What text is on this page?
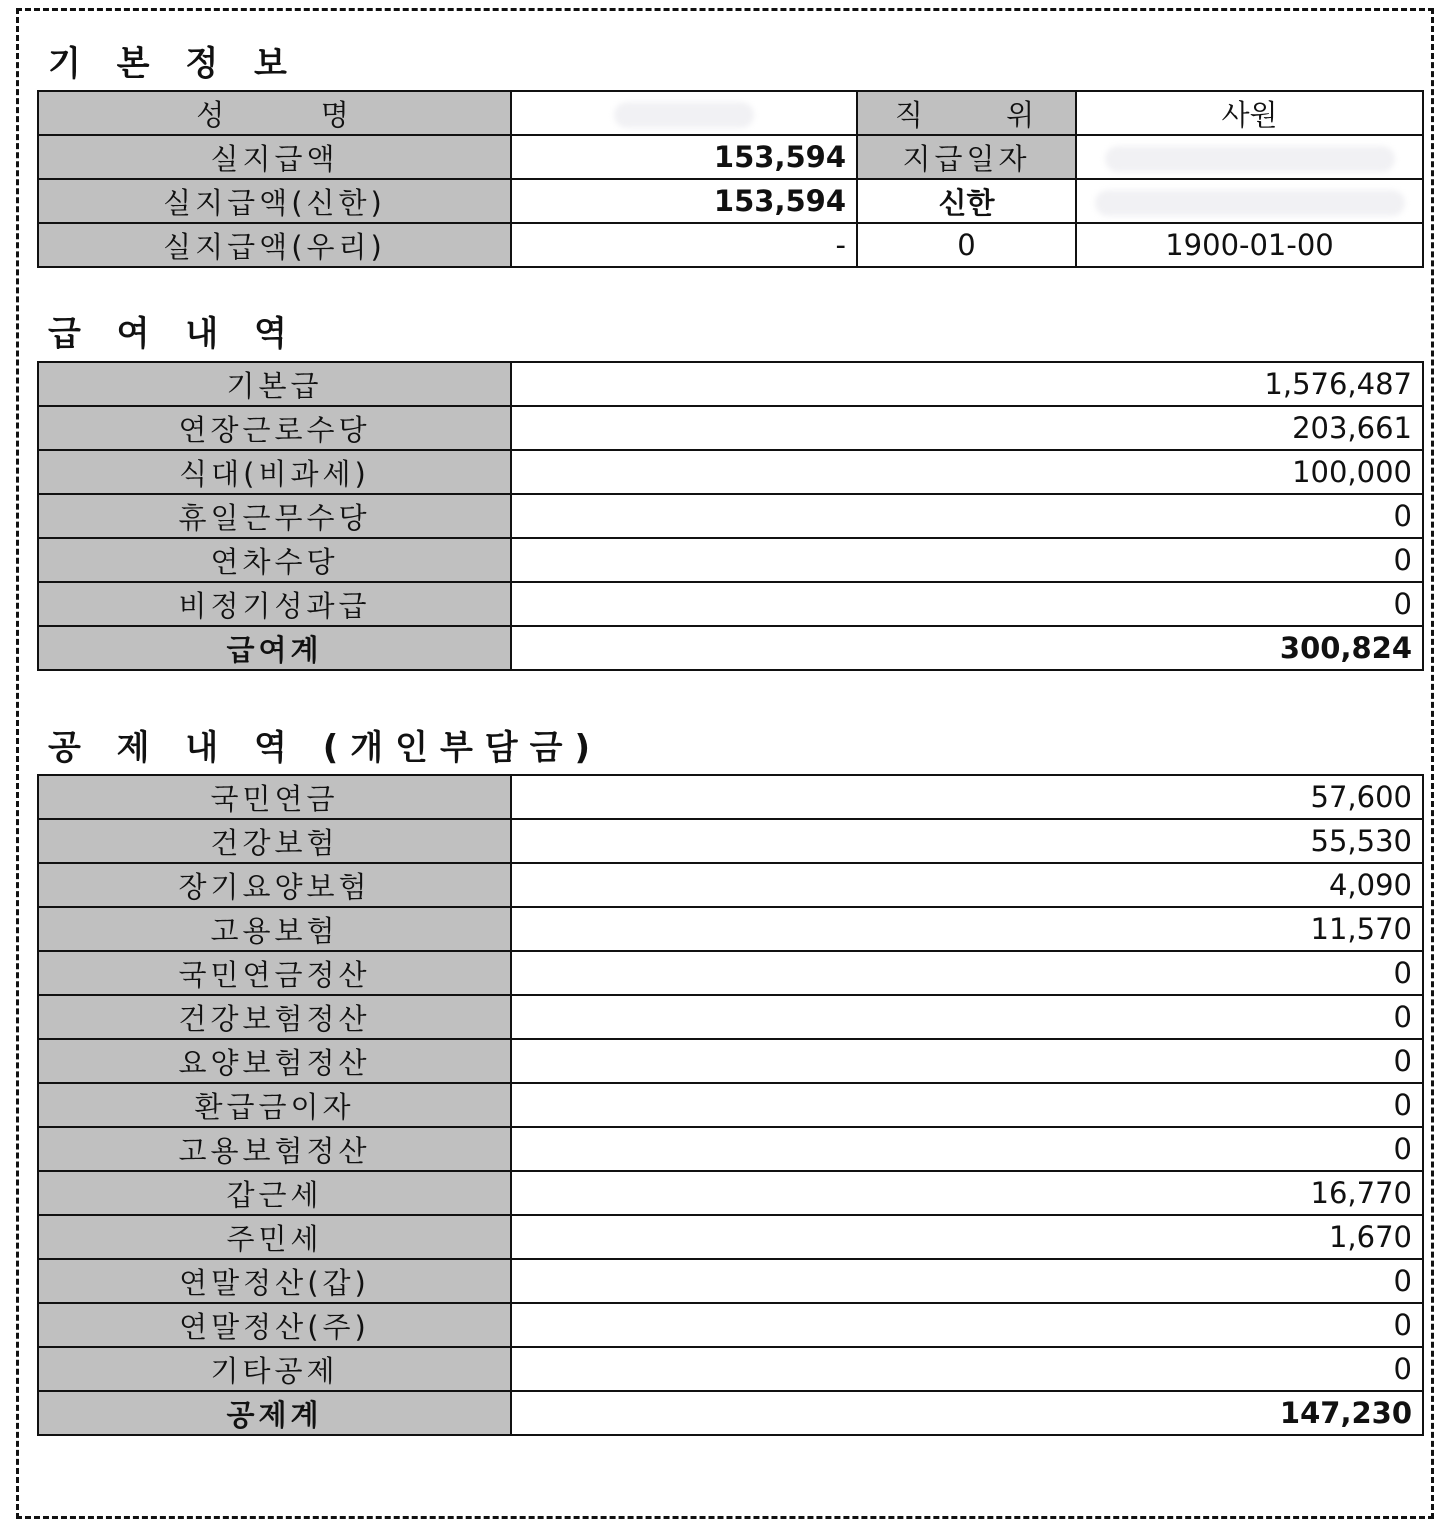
기 본 정 보
성       명		직      위	사원
실지급액	153,594	지급일자	
실지급액(신한)	153,594	신한	
실지급액(우리)	-	0	1900-01-00
급 여 내 역
기본급	1,576,487
연장근로수당	203,661
식대(비과세)	100,000
휴일근무수당	0
연차수당	0
비정기성과급	0
급여계	300,824
공 제 내 역 (개인부담금)
국민연금	57,600
건강보험	55,530
장기요양보험	4,090
고용보험	11,570
국민연금정산	0
건강보험정산	0
요양보험정산	0
환급금이자	0
고용보험정산	0
갑근세	16,770
주민세	1,670
연말정산(갑)	0
연말정산(주)	0
기타공제	0
공제계	147,230
